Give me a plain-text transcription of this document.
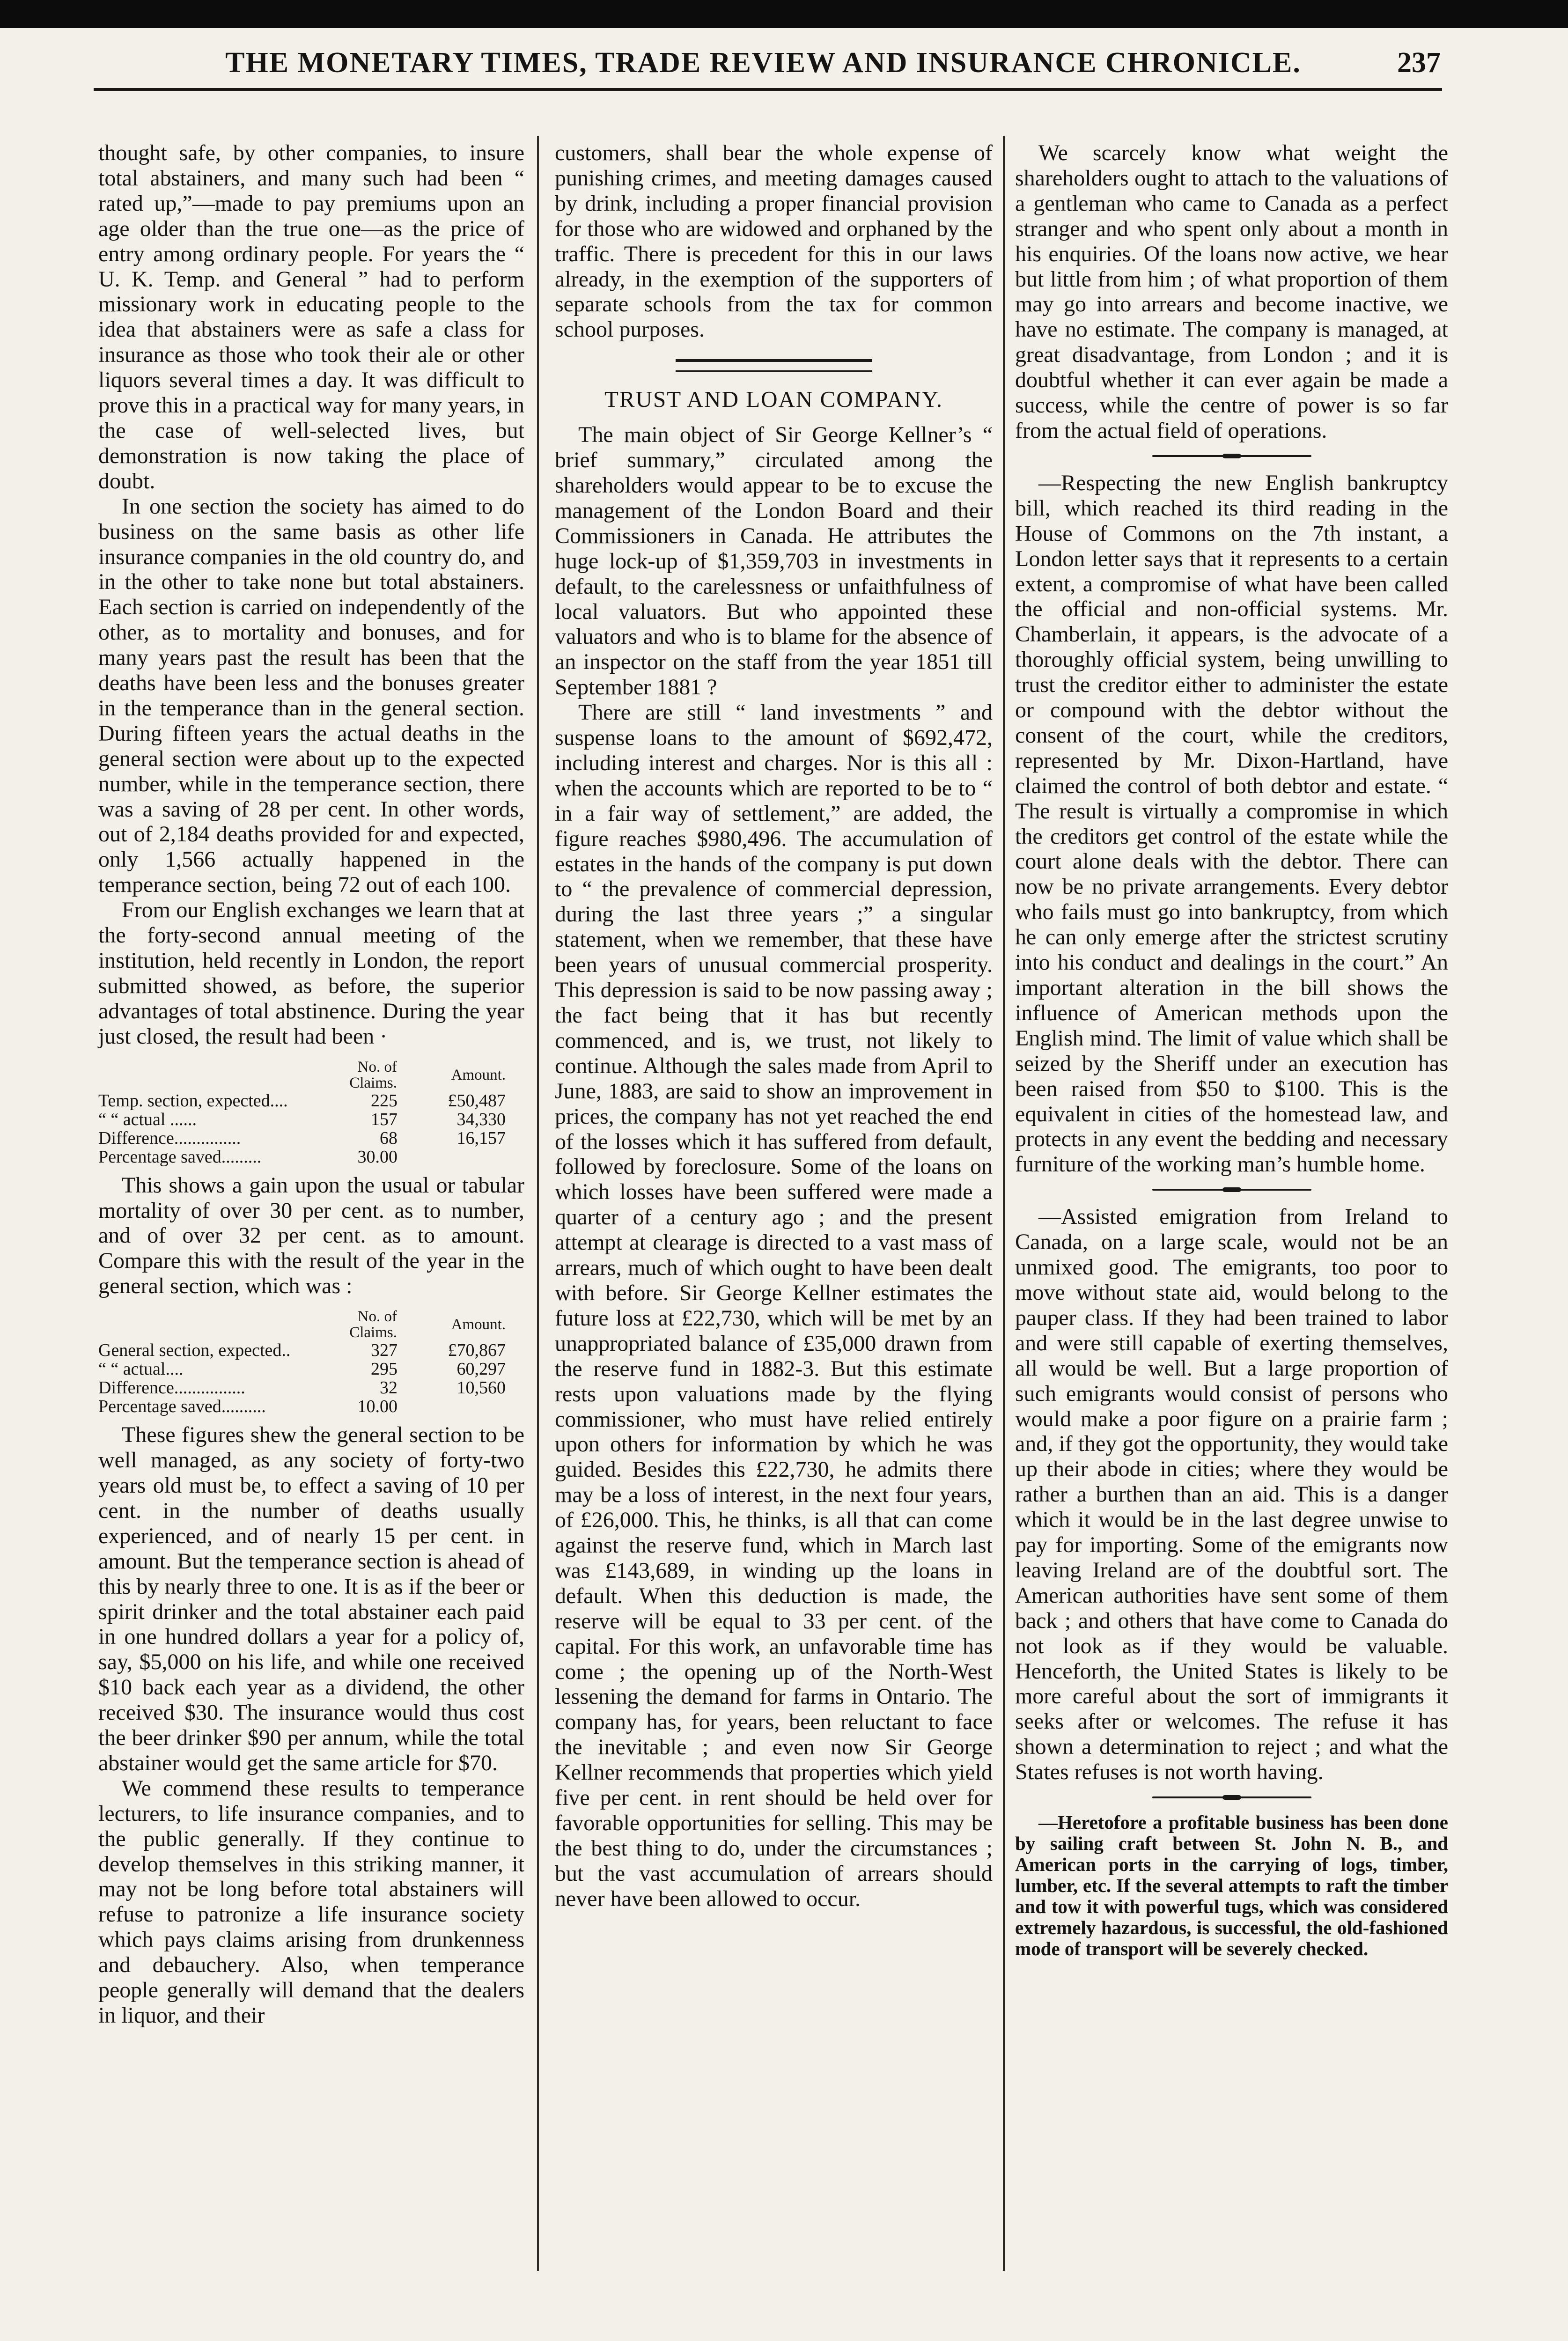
THE MONETARY TIMES, TRADE REVIEW AND INSURANCE CHRONICLE.	237

thought safe, by other companies, to insure total abstainers, and many such had been “ rated up,”—made to pay premiums upon an age older than the true one—as the price of entry among ordinary people. For years the “ U. K. Temp. and General ” had to perform missionary work in educating people to the idea that abstainers were as safe a class for insurance as those who took their ale or other liquors several times a day. It was difficult to prove this in a practical way for many years, in the case of well-selected lives, but demonstration is now taking the place of doubt.

In one section the society has aimed to do business on the same basis as other life insurance companies in the old country do, and in the other to take none but total abstainers. Each section is carried on independently of the other, as to mortality and bonuses, and for many years past the result has been that the deaths have been less and the bonuses greater in the temperance than in the general section. During fifteen years the actual deaths in the general section were about up to the expected number, while in the temperance section, there was a saving of 28 per cent. In other words, out of 2,184 deaths provided for and expected, only 1,566 actually happened in the temperance section, being 72 out of each 100.

From our English exchanges we learn that at the forty-second annual meeting of the institution, held recently in London, the report submitted showed, as before, the superior advantages of total abstinence. During the year just closed, the result had been ·

	No. of Claims.	Amount.
Temp. section, expected....	225	£50,487
“ “ actual ......	157	34,330
Difference...............	68	16,157
Percentage saved.........	30.00	

This shows a gain upon the usual or tabular mortality of over 30 per cent. as to number, and of over 32 per cent. as to amount. Compare this with the result of the year in the general section, which was :

	No. of Claims.	Amount.
General section, expected..	327	£70,867
“ “ actual....	295	60,297
Difference................	32	10,560
Percentage saved..........	10.00	

These figures shew the general section to be well managed, as any society of forty-two years old must be, to effect a saving of 10 per cent. in the number of deaths usually experienced, and of nearly 15 per cent. in amount. But the temperance section is ahead of this by nearly three to one. It is as if the beer or spirit drinker and the total abstainer each paid in one hundred dollars a year for a policy of, say, $5,000 on his life, and while one received $10 back each year as a dividend, the other received $30. The insurance would thus cost the beer drinker $90 per annum, while the total abstainer would get the same article for $70.

We commend these results to temperance lecturers, to life insurance companies, and to the public generally. If they continue to develop themselves in this striking manner, it may not be long before total abstainers will refuse to patronize a life insurance society which pays claims arising from drunkenness and debauchery. Also, when temperance people generally will demand that the dealers in liquor, and their

customers, shall bear the whole expense of punishing crimes, and meeting damages caused by drink, including a proper financial provision for those who are widowed and orphaned by the traffic. There is precedent for this in our laws already, in the exemption of the supporters of separate schools from the tax for common school purposes.

TRUST AND LOAN COMPANY.

The main object of Sir George Kellner’s “ brief summary,” circulated among the shareholders would appear to be to excuse the management of the London Board and their Commissioners in Canada. He attributes the huge lock-up of $1,359,703 in investments in default, to the carelessness or unfaithfulness of local valuators. But who appointed these valuators and who is to blame for the absence of an inspector on the staff from the year 1851 till September 1881 ?

There are still “ land investments ” and suspense loans to the amount of $692,472, including interest and charges. Nor is this all : when the accounts which are reported to be to “ in a fair way of settlement,” are added, the figure reaches $980,496. The accumulation of estates in the hands of the company is put down to “ the prevalence of commercial depression, during the last three years ;” a singular statement, when we remember, that these have been years of unusual commercial prosperity. This depression is said to be now passing away ; the fact being that it has but recently commenced, and is, we trust, not likely to continue. Although the sales made from April to June, 1883, are said to show an improvement in prices, the company has not yet reached the end of the losses which it has suffered from default, followed by foreclosure. Some of the loans on which losses have been suffered were made a quarter of a century ago ; and the present attempt at clearage is directed to a vast mass of arrears, much of which ought to have been dealt with before. Sir George Kellner estimates the future loss at £22,730, which will be met by an unappropriated balance of £35,000 drawn from the reserve fund in 1882-3. But this estimate rests upon valuations made by the flying commissioner, who must have relied entirely upon others for information by which he was guided. Besides this £22,730, he admits there may be a loss of interest, in the next four years, of £26,000. This, he thinks, is all that can come against the reserve fund, which in March last was £143,689, in winding up the loans in default. When this deduction is made, the reserve will be equal to 33 per cent. of the capital. For this work, an unfavorable time has come ; the opening up of the North-West lessening the demand for farms in Ontario. The company has, for years, been reluctant to face the inevitable ; and even now Sir George Kellner recommends that properties which yield five per cent. in rent should be held over for favorable opportunities for selling. This may be the best thing to do, under the circumstances ; but the vast accumulation of arrears should never have been allowed to occur.

We scarcely know what weight the shareholders ought to attach to the valuations of a gentleman who came to Canada as a perfect stranger and who spent only about a month in his enquiries. Of the loans now active, we hear but little from him ; of what proportion of them may go into arrears and become inactive, we have no estimate. The company is managed, at great disadvantage, from London ; and it is doubtful whether it can ever again be made a success, while the centre of power is so far from the actual field of operations.

—Respecting the new English bankruptcy bill, which reached its third reading in the House of Commons on the 7th instant, a London letter says that it represents to a certain extent, a compromise of what have been called the official and non-official systems. Mr. Chamberlain, it appears, is the advocate of a thoroughly official system, being unwilling to trust the creditor either to administer the estate or compound with the debtor without the consent of the court, while the creditors, represented by Mr. Dixon-Hartland, have claimed the control of both debtor and estate. “ The result is virtually a compromise in which the creditors get control of the estate while the court alone deals with the debtor. There can now be no private arrangements. Every debtor who fails must go into bankruptcy, from which he can only emerge after the strictest scrutiny into his conduct and dealings in the court.” An important alteration in the bill shows the influence of American methods upon the English mind. The limit of value which shall be seized by the Sheriff under an execution has been raised from $50 to $100. This is the equivalent in cities of the homestead law, and protects in any event the bedding and necessary furniture of the working man’s humble home.

—Assisted emigration from Ireland to Canada, on a large scale, would not be an unmixed good. The emigrants, too poor to move without state aid, would belong to the pauper class. If they had been trained to labor and were still capable of exerting themselves, all would be well. But a large proportion of such emigrants would consist of persons who would make a poor figure on a prairie farm ; and, if they got the opportunity, they would take up their abode in cities; where they would be rather a burthen than an aid. This is a danger which it would be in the last degree unwise to pay for importing. Some of the emigrants now leaving Ireland are of the doubtful sort. The American authorities have sent some of them back ; and others that have come to Canada do not look as if they would be valuable. Henceforth, the United States is likely to be more careful about the sort of immigrants it seeks after or welcomes. The refuse it has shown a determination to reject ; and what the States refuses is not worth having.

—Heretofore a profitable business has been done by sailing craft between St. John N. B., and American ports in the carrying of logs, timber, lumber, etc. If the several attempts to raft the timber and tow it with powerful tugs, which was considered extremely hazardous, is successful, the old-fashioned mode of transport will be severely checked.
